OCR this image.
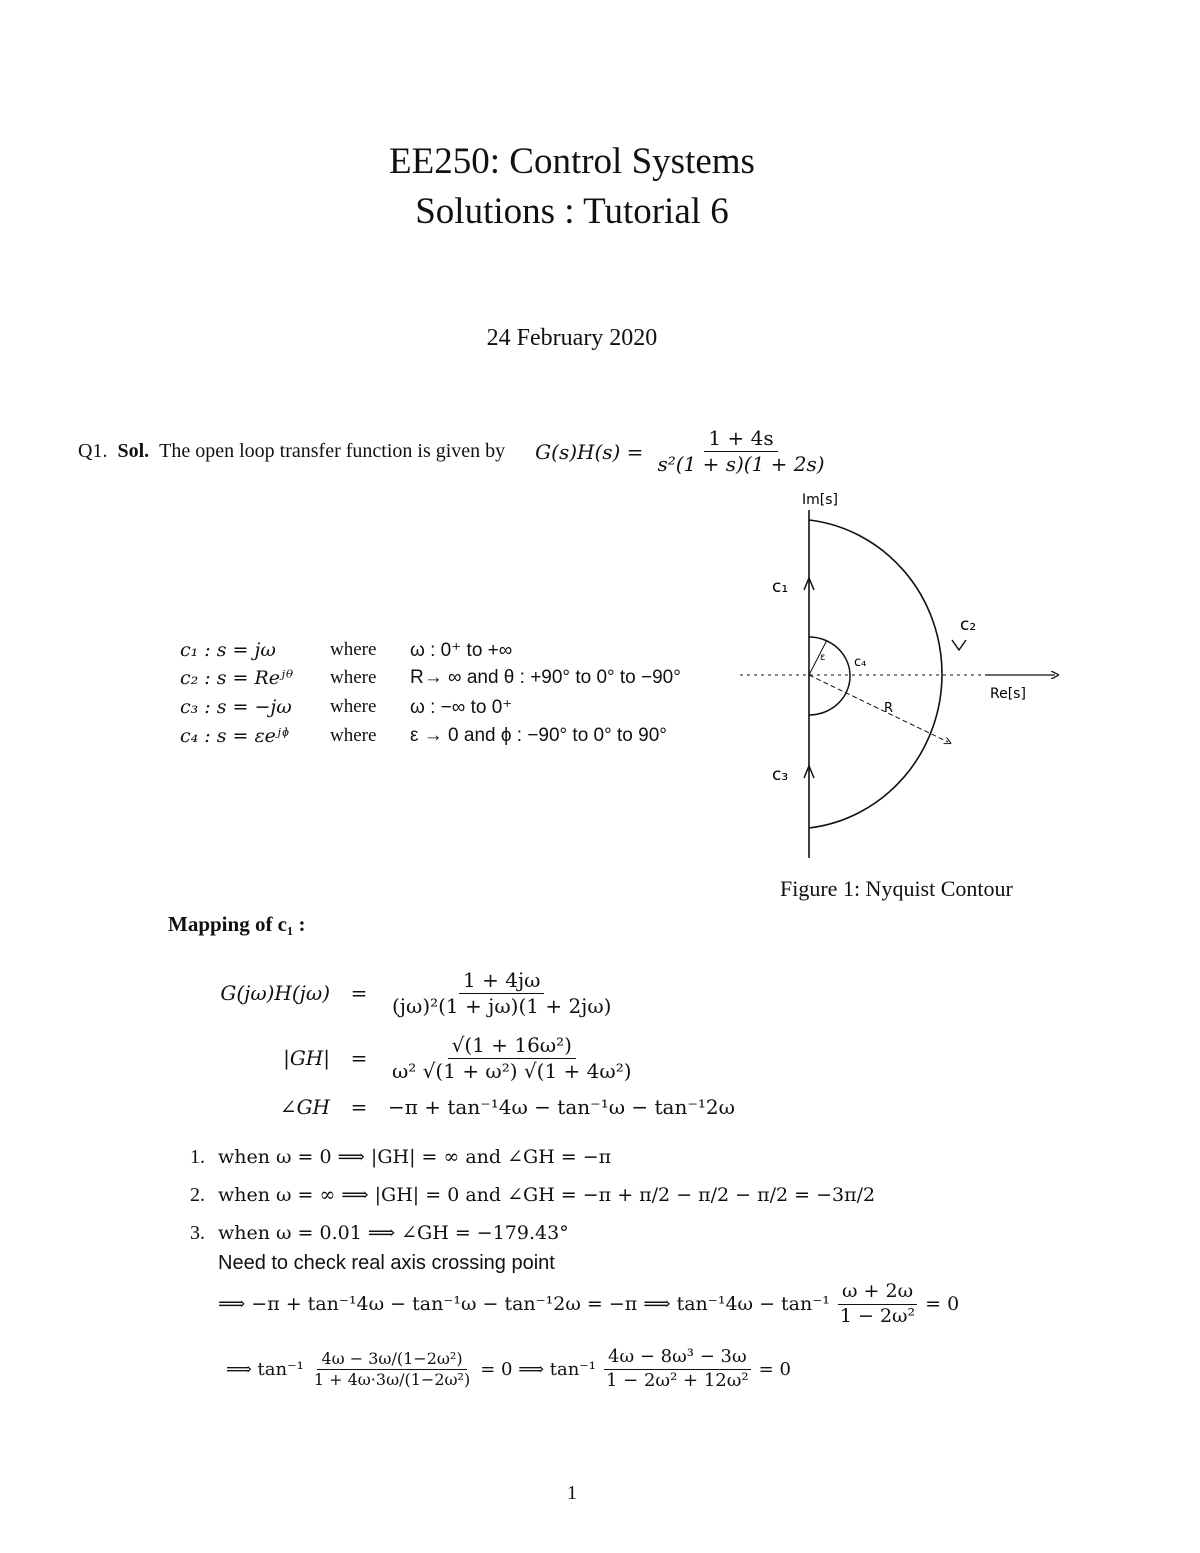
EE250: Control Systems
Solutions : Tutorial 6
24 February 2020
Q1. Sol. The open loop transfer function is given by $G(s)H(s) = \frac{1 + 4s}{\text{s²(1 + s)(1 + 2s)}}$
c₁ : s = jω	where	ω : 0⁺ to +∞
c₂ : s = Reʲᶿ	where	R→ ∞ and θ : +90° to 0° to −90°
c₃ : s = −jω	where	ω : −∞ to 0⁺
c₄ : s = εeʲᶲ	where	ε → 0 and ϕ : −90° to 0° to 90°
Im[s]
Re[s]
c₁
c₂
c₃
c₄
R
ε
Figure 1: Nyquist Contour
Mapping of c₁ :
G(jω)H(jω)	=	$\frac{1 + 4j\omega}{\text{(jω)²(1 + jω)(1 + 2jω)}}$
|GH|	=	$\frac{\text{√(1 + 16ω²)}}{\text{ω² √(1 + ω²) √(1 + 4ω²)}}$
∠GH	=	−π + tan⁻¹4ω − tan⁻¹ω − tan⁻¹2ω
1. when ω = 0 ⟹ |GH| = ∞ and ∠GH = −π
2. when ω = ∞ ⟹ |GH| = 0 and ∠GH = −π + π/2 − π/2 − π/2 = −3π/2
3. when ω = 0.01 ⟹ ∠GH = −179.43°
Need to check real axis crossing point
⟹ −π + tan⁻¹4ω − tan⁻¹ω − tan⁻¹2ω = −π ⟹ $\tan^{-1}4\omega - \tan^{-1} \frac{\omega + 2\omega}{\text{1 − 2ω²}} = 0$
⟹ $\tan^{-1} \frac{\text{4ω − 3ω/(1−2ω²)}}{\text{1 + 4ω·3ω/(1−2ω²)}} = 0$ ⟹ $\tan^{-1} \frac{\text{4ω − 8ω³ − 3ω}}{\text{1 − 2ω² + 12ω²}} = 0$
1
